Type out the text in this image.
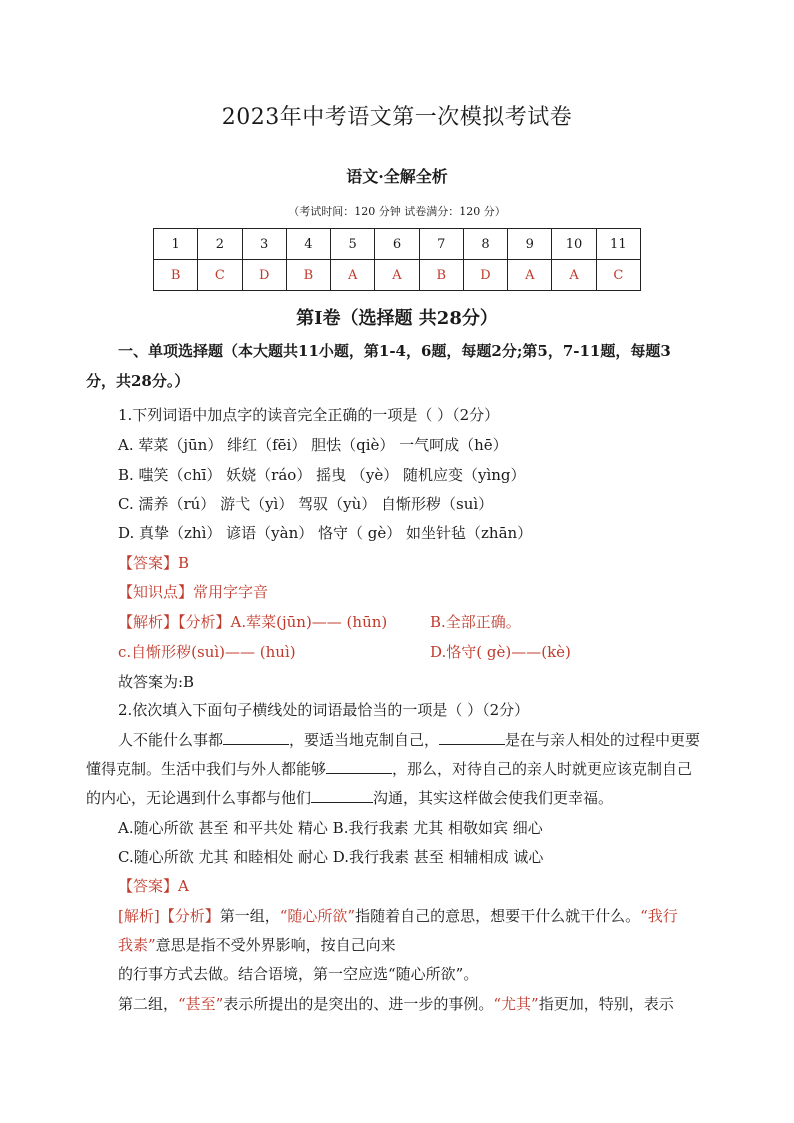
2023年中考语文第一次模拟考试卷
语文·全解全析
（考试时间：120 分钟 试卷满分：120 分）
1	2	3	4	5	6	7	8	9	10	11
B	C	D	B	A	A	B	D	A	A	C
第Ⅰ卷（选择题 共28分）
一、单项选择题（本大题共11小题，第1-4，6题，每题2分;第5，7-11题，每题3
分，共28分。）
1.下列词语中加点字的读音完全正确的一项是（ ）（2分）
A. 荤菜（jūn） 绯红（fēi） 胆怯（qiè） 一气呵成（hē）
B. 嗤笑（chī） 妖娆（ráo） 摇曳 （yè） 随机应变（yìng）
C. 濡养（rú） 游弋（yì） 驾驭（yù） 自惭形秽（suì）
D. 真挚（zhì） 谚语（yàn） 恪守（ gè） 如坐针毡（zhān）
【答案】B
【知识点】常用字字音
【解析】【分析】A.荤菜(jūn)—— (hūn)	B.全部正确。
c.自惭形秽(suì)—— (huì)	D.恪守( gè)——(kè)
故答案为:B
2.依次填入下面句子横线处的词语最恰当的一项是（ ）（2分）
人不能什么事都	，要适当地克制自己，	是在与亲人相处的过程中更要
懂得克制。生活中我们与外人都能够	，那么，对待自己的亲人时就更应该克制自己
的内心，无论遇到什么事都与他们	沟通，其实这样做会使我们更幸福。
A.随心所欲 甚至 和平共处 精心 B.我行我素 尤其 相敬如宾 细心
C.随心所欲 尤其 和睦相处 耐心 D.我行我素 甚至 相辅相成 诚心
【答案】A
[解析]【分析】第一组，“随心所欲”指随着自己的意思，想要干什么就干什么。“我行
我素”意思是指不受外界影响，按自己向来
的行事方式去做。结合语境，第一空应选“随心所欲”。
第二组，“甚至”表示所提出的是突出的、进一步的事例。“尤其”指更加，特别，表示
